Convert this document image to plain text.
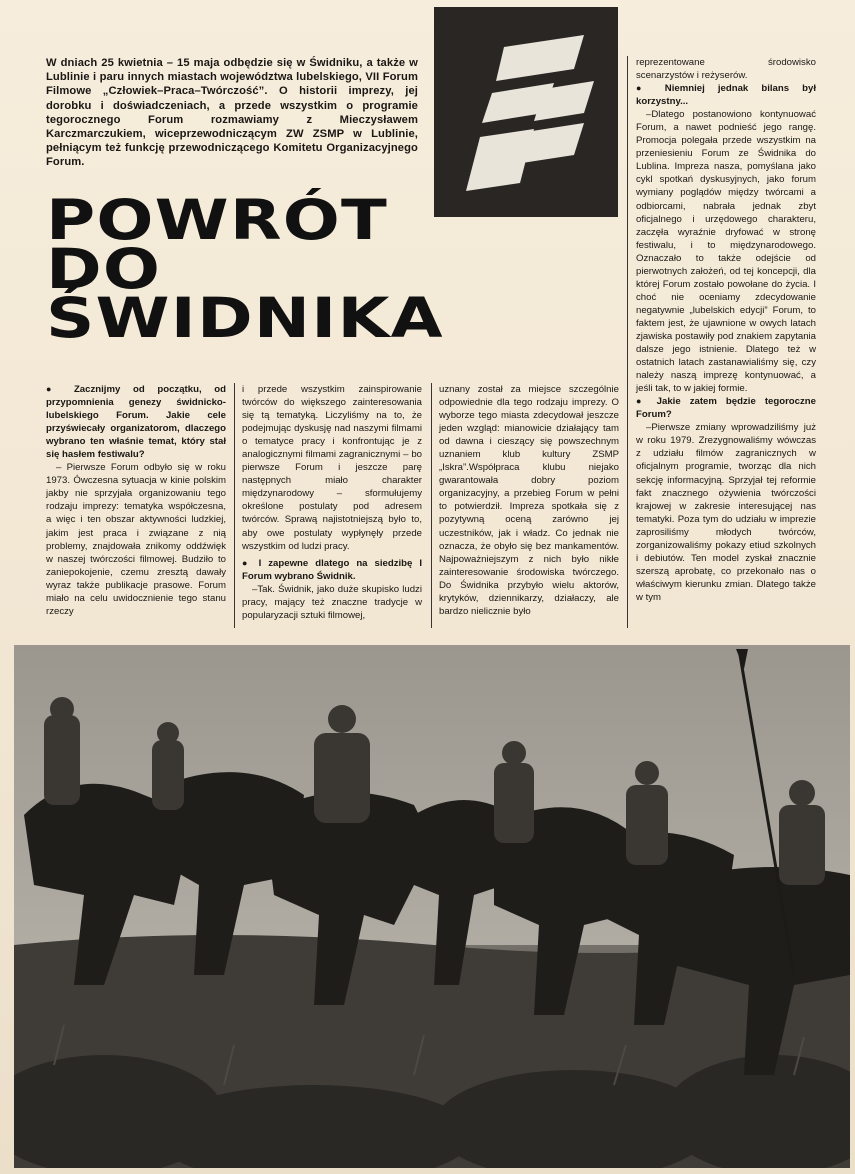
W dniach 25 kwietnia – 15 maja odbędzie się w Świdniku, a także w Lublinie i paru innych miastach województwa lubelskiego, VII Forum Filmowe „Człowiek–Praca–Twórczość”. O historii imprezy, jej dorobku i doświadczeniach, a przede wszystkim o programie tegorocznego Forum rozmawiamy z Mieczysławem Karczmarczukiem, wiceprzewodniczącym ZW ZSMP w Lublinie, pełniącym też funkcję przewodniczącego Komitetu Organizacyjnego Forum.
POWRÓT
DO
ŚWIDNIKA

● Zacznijmy od początku, od przypomnienia genezy świdnicko-lubelskiego Forum. Jakie cele przyświecały organizatorom, dlaczego wybrano ten właśnie temat, który stał się hasłem festiwalu?

– Pierwsze Forum odbyło się w roku 1973. Ówczesna sytuacja w kinie polskim jakby nie sprzyjała organizowaniu tego rodzaju imprezy: tematyka współczesna, a więc i ten obszar aktywności ludzkiej, jakim jest praca i związane z nią problemy, znajdowała znikomy oddźwięk w naszej twórczości filmowej. Budziło to zaniepokojenie, czemu zresztą dawały wyraz także publikacje prasowe. Forum miało na celu uwidocznienie tego stanu rzeczy

i przede wszystkim zainspirowanie twórców do większego zainteresowania się tą tematyką. Liczyliśmy na to, że podejmując dyskusję nad naszymi filmami o tematyce pracy i konfrontując je z analogicznymi filmami zagranicznymi – bo pierwsze Forum i jeszcze parę następnych miało charakter międzynarodowy – sformułujemy określone postulaty pod adresem twórców. Sprawą najistotniejszą było to, aby owe postulaty wypłynęły przede wszystkim od ludzi pracy.

● I zapewne dlatego na siedzibę I Forum wybrano Świdnik.

–Tak. Świdnik, jako duże skupisko ludzi pracy, mający też znaczne tradycje w popularyzacji sztuki filmowej,

uznany został za miejsce szczególnie odpowiednie dla tego rodzaju imprezy. O wyborze tego miasta zdecydował jeszcze jeden wzgląd: mianowicie działający tam od dawna i cieszący się powszechnym uznaniem klub kultury ZSMP „Iskra”.Współpraca klubu niejako gwarantowała dobry poziom organizacyjny, a przebieg Forum w pełni to potwierdził. Impreza spotkała się z pozytywną oceną zarówno jej uczestników, jak i władz. Co jednak nie oznacza, że obyło się bez mankamentów. Najpoważniejszym z nich było nikłe zainteresowanie środowiska twórczego. Do Świdnika przybyło wielu aktorów, krytyków, dziennikarzy, działaczy, ale bardzo nielicznie było

reprezentowane środowisko scenarzystów i reżyserów.

● Niemniej jednak bilans był korzystny...

–Dlatego postanowiono kontynuować Forum, a nawet podnieść jego rangę. Promocja polegała przede wszystkim na przeniesieniu Forum ze Świdnika do Lublina. Impreza nasza, pomyślana jako cykl spotkań dyskusyjnych, jako forum wymiany poglądów między twórcami a odbiorcami, nabrała jednak zbyt oficjalnego i urzędowego charakteru, zaczęła wyraźnie dryfować w stronę festiwalu, i to międzynarodowego. Oznaczało to także odejście od pierwotnych założeń, od tej koncepcji, dla której Forum zostało powołane do życia. I choć nie oceniamy zdecydowanie negatywnie „lubelskich edycji” Forum, to faktem jest, że ujawnione w owych latach zjawiska postawiły pod znakiem zapytania dalsze jego istnienie. Dlatego też w ostatnich latach zastanawialiśmy się, czy należy naszą imprezę kontynuować, a jeśli tak, to w jakiej formie.

● Jakie zatem będzie tegoroczne Forum?

–Pierwsze zmiany wprowadziliśmy już w roku 1979. Zrezygnowaliśmy wówczas z udziału filmów zagranicznych w oficjalnym programie, tworząc dla nich sekcję informacyjną. Sprzyjał tej reformie fakt znacznego ożywienia twórczości krajowej w zakresie interesującej nas tematyki. Poza tym do udziału w imprezie zaprosiliśmy młodych twórców, zorganizowaliśmy pokazy etiud szkolnych i debiutów. Ten model zyskał znacznie szerszą aprobatę, co przekonało nas o właściwym kierunku zmian. Dlatego także w tym
